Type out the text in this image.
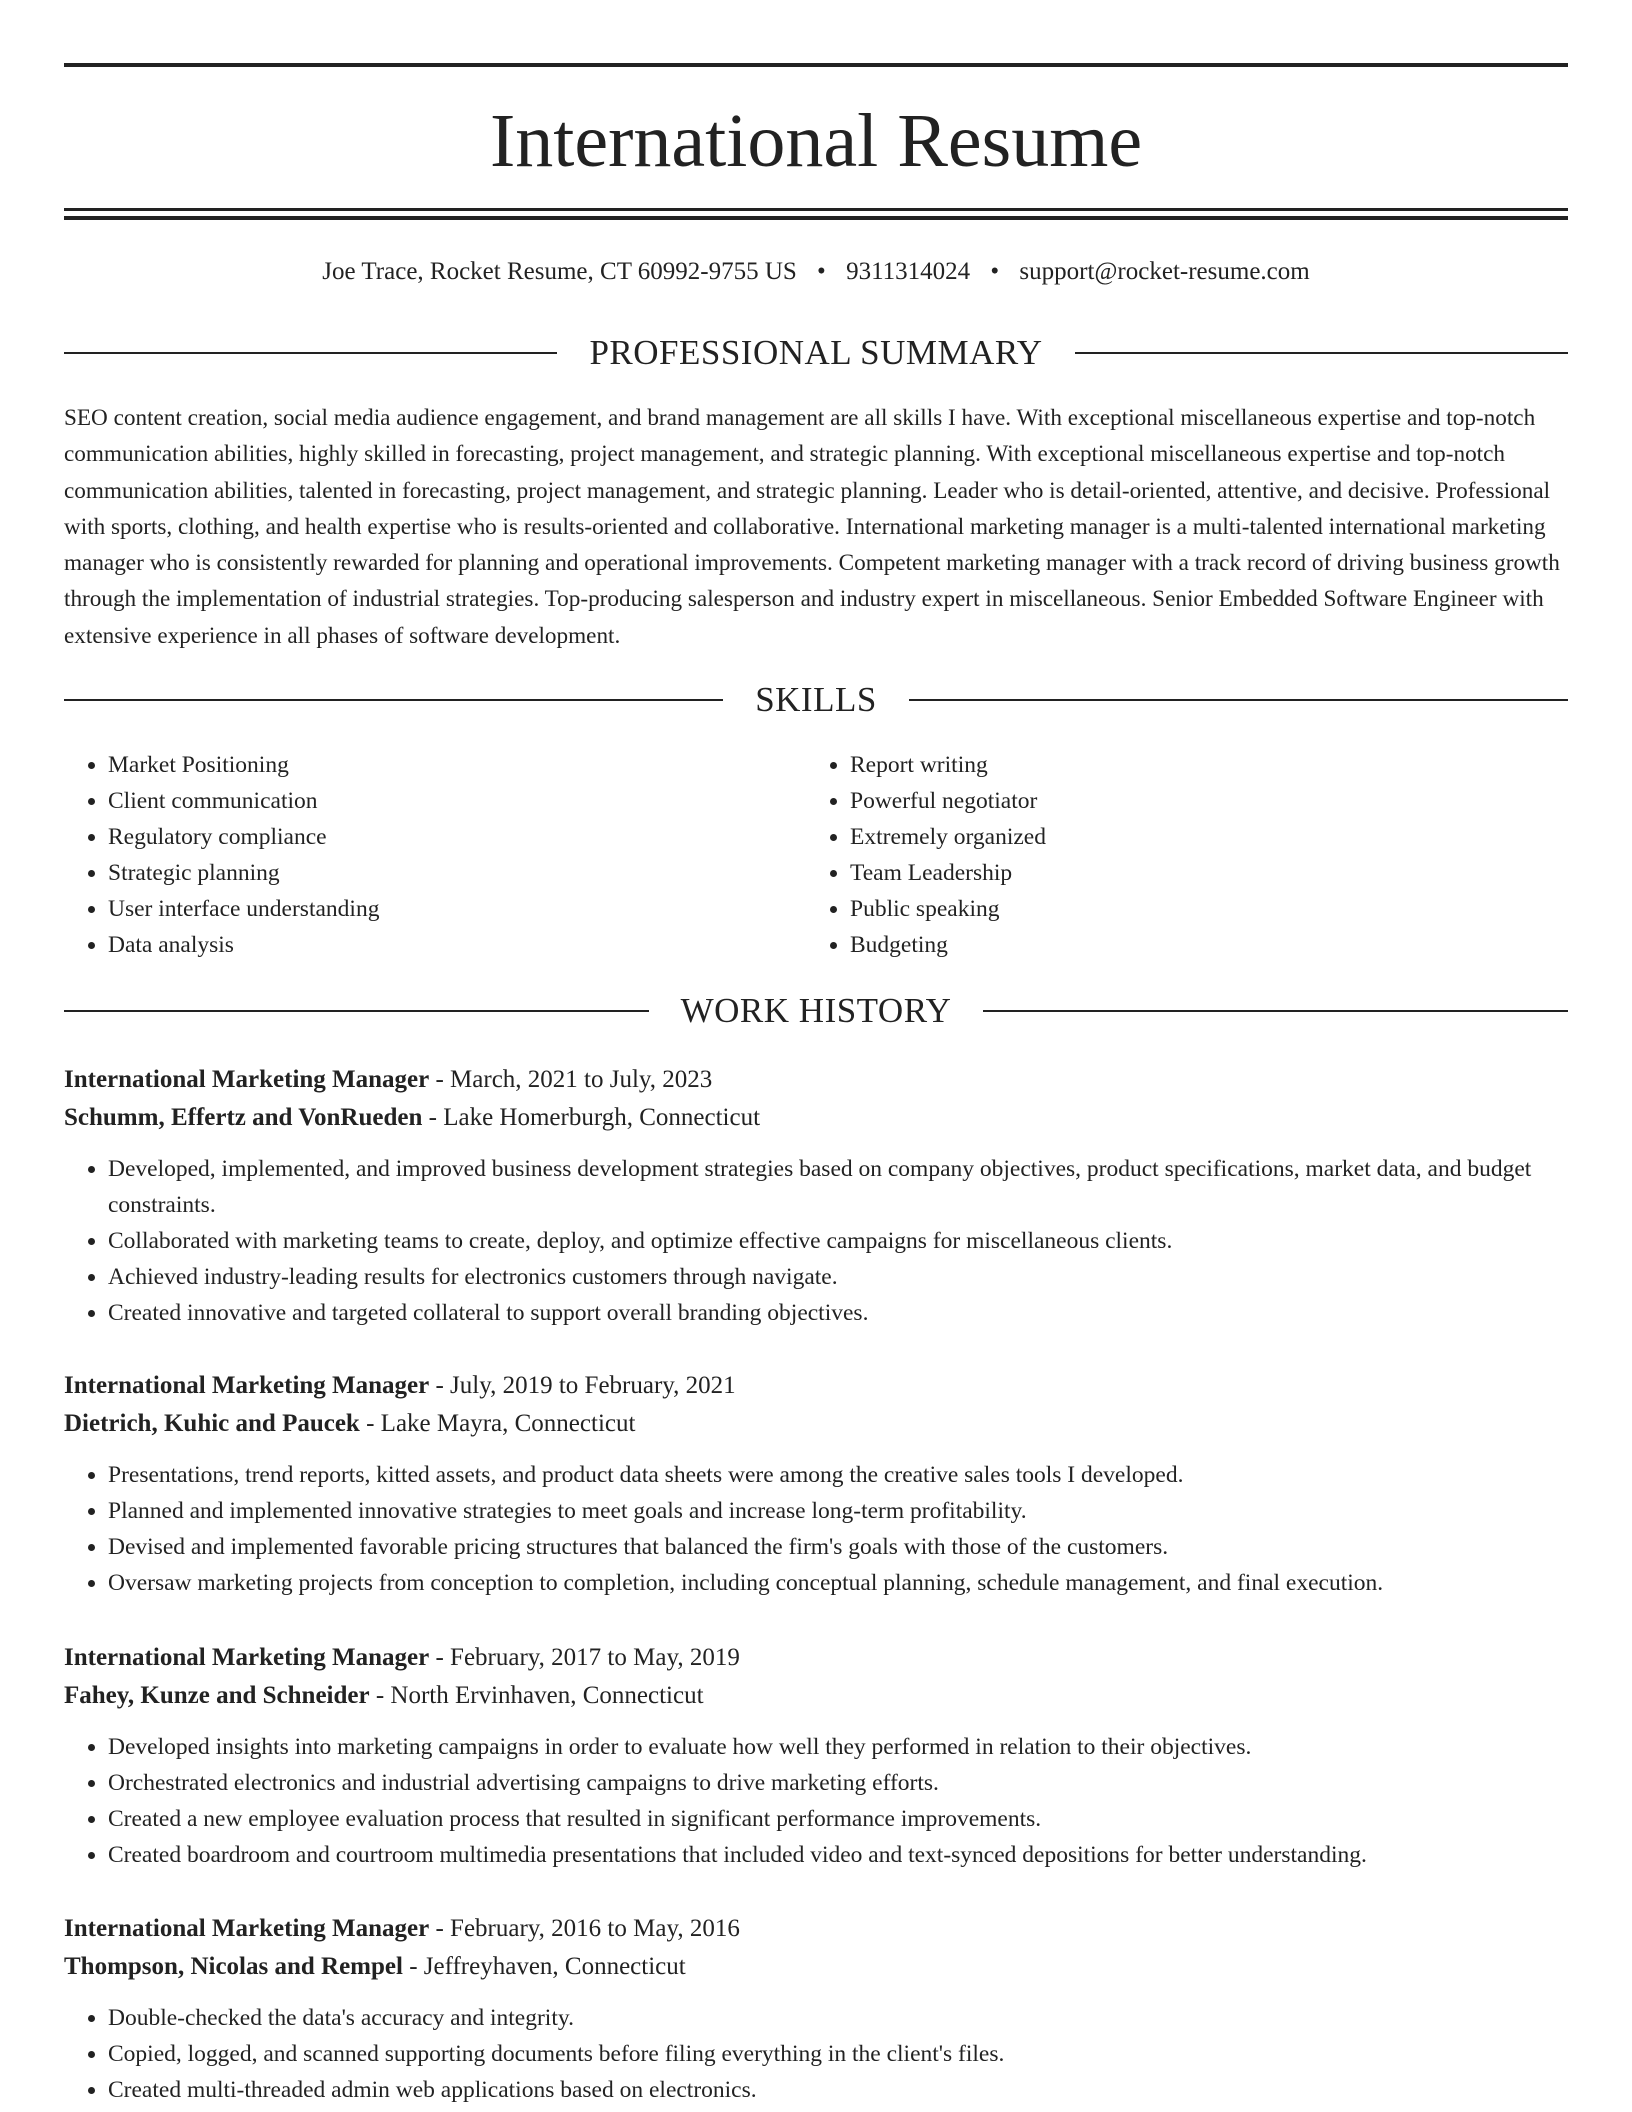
International Resume
Joe Trace, Rocket Resume, CT 60992-9755 US • 9311314024 • support@rocket-resume.com
PROFESSIONAL SUMMARY

SEO content creation, social media audience engagement, and brand management are all skills I have. With exceptional miscellaneous expertise and top-notch communication abilities, highly skilled in forecasting, project management, and strategic planning. With exceptional miscellaneous expertise and top-notch communication abilities, talented in forecasting, project management, and strategic planning. Leader who is detail-oriented, attentive, and decisive. Professional with sports, clothing, and health expertise who is results-oriented and collaborative. International marketing manager is a multi-talented international marketing manager who is consistently rewarded for planning and operational improvements. Competent marketing manager with a track record of driving business growth through the implementation of industrial strategies. Top-producing salesperson and industry expert in miscellaneous. Senior Embedded Software Engineer with extensive experience in all phases of software development.

SKILLS
• Market Positioning
• Client communication
• Regulatory compliance
• Strategic planning
• User interface understanding
• Data analysis
• Report writing
• Powerful negotiator
• Extremely organized
• Team Leadership
• Public speaking
• Budgeting
WORK HISTORY
International Marketing Manager - March, 2021 to July, 2023
Schumm, Effertz and VonRueden - Lake Homerburgh, Connecticut
• Developed, implemented, and improved business development strategies based on company objectives, product specifications, market data, and budget constraints.
• Collaborated with marketing teams to create, deploy, and optimize effective campaigns for miscellaneous clients.
• Achieved industry-leading results for electronics customers through navigate.
• Created innovative and targeted collateral to support overall branding objectives.
International Marketing Manager - July, 2019 to February, 2021
Dietrich, Kuhic and Paucek - Lake Mayra, Connecticut
• Presentations, trend reports, kitted assets, and product data sheets were among the creative sales tools I developed.
• Planned and implemented innovative strategies to meet goals and increase long-term profitability.
• Devised and implemented favorable pricing structures that balanced the firm's goals with those of the customers.
• Oversaw marketing projects from conception to completion, including conceptual planning, schedule management, and final execution.
International Marketing Manager - February, 2017 to May, 2019
Fahey, Kunze and Schneider - North Ervinhaven, Connecticut
• Developed insights into marketing campaigns in order to evaluate how well they performed in relation to their objectives.
• Orchestrated electronics and industrial advertising campaigns to drive marketing efforts.
• Created a new employee evaluation process that resulted in significant performance improvements.
• Created boardroom and courtroom multimedia presentations that included video and text-synced depositions for better understanding.
International Marketing Manager - February, 2016 to May, 2016
Thompson, Nicolas and Rempel - Jeffreyhaven, Connecticut
• Double-checked the data's accuracy and integrity.
• Copied, logged, and scanned supporting documents before filing everything in the client's files.
• Created multi-threaded admin web applications based on electronics.
